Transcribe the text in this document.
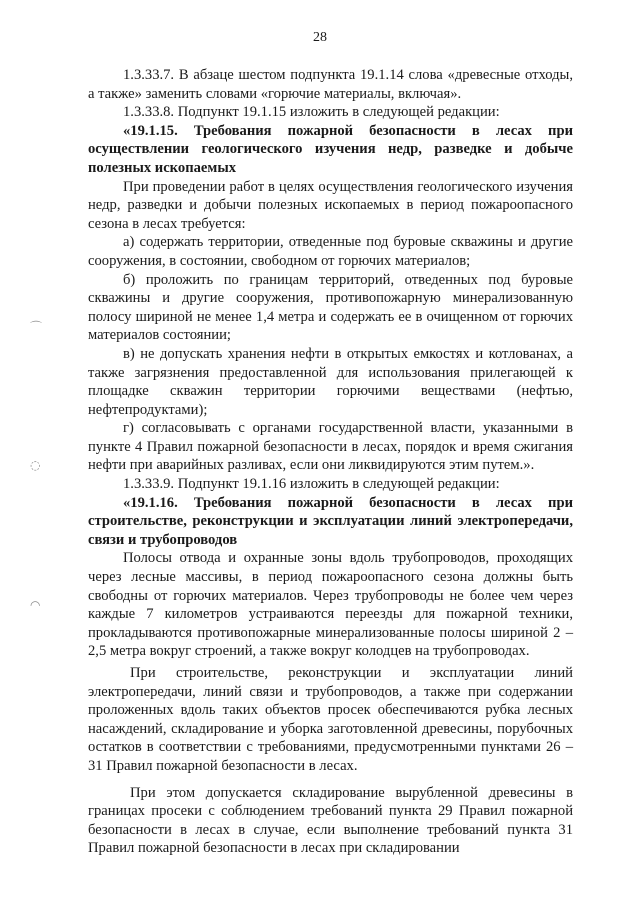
28
⌒
◌
◠

1.3.33.7. В абзаце шестом подпункта 19.1.14 слова «древесные отходы, а также» заменить словами «горючие материалы, включая».

1.3.33.8. Подпункт 19.1.15 изложить в следующей редакции:

«19.1.15. Требования пожарной безопасности в лесах при осуществлении геологического изучения недр, разведке и добыче полезных ископаемых

При проведении работ в целях осуществления геологического изучения недр, разведки и добычи полезных ископаемых в период пожароопасного сезона в лесах требуется:

а) содержать территории, отведенные под буровые скважины и другие сооружения, в состоянии, свободном от горючих материалов;

б) проложить по границам территорий, отведенных под буровые скважины и другие сооружения, противопожарную минерализованную полосу шириной не менее 1,4 метра и содержать ее в очищенном от горючих материалов состоянии;

в) не допускать хранения нефти в открытых емкостях и котлованах, а также загрязнения предоставленной для использования прилегающей к площадке скважин территории горючими веществами (нефтью, нефтепродуктами);

г) согласовывать с органами государственной власти, указанными в пункте 4 Правил пожарной безопасности в лесах, порядок и время сжигания нефти при аварийных разливах, если они ликвидируются этим путем.».

1.3.33.9. Подпункт 19.1.16 изложить в следующей редакции:

«19.1.16. Требования пожарной безопасности в лесах при строительстве, реконструкции и эксплуатации линий электропередачи, связи и трубопроводов

Полосы отвода и охранные зоны вдоль трубопроводов, проходящих через лесные массивы, в период пожароопасного сезона должны быть свободны от горючих материалов. Через трубопроводы не более чем через каждые 7 километров устраиваются переезды для пожарной техники, прокладываются противопожарные минерализованные полосы шириной 2 – 2,5 метра вокруг строений, а также вокруг колодцев на трубопроводах.

При строительстве, реконструкции и эксплуатации линий электропередачи, линий связи и трубопроводов, а также при содержании проложенных вдоль таких объектов просек обеспечиваются рубка лесных насаждений, складирование и уборка заготовленной древесины, порубочных остатков в соответствии с требованиями, предусмотренными пунктами 26 – 31 Правил пожарной безопасности в лесах.

При этом допускается складирование вырубленной древесины в границах просеки с соблюдением требований пункта 29 Правил пожарной безопасности в лесах в случае, если выполнение требований пункта 31 Правил пожарной безопасности в лесах при складировании
